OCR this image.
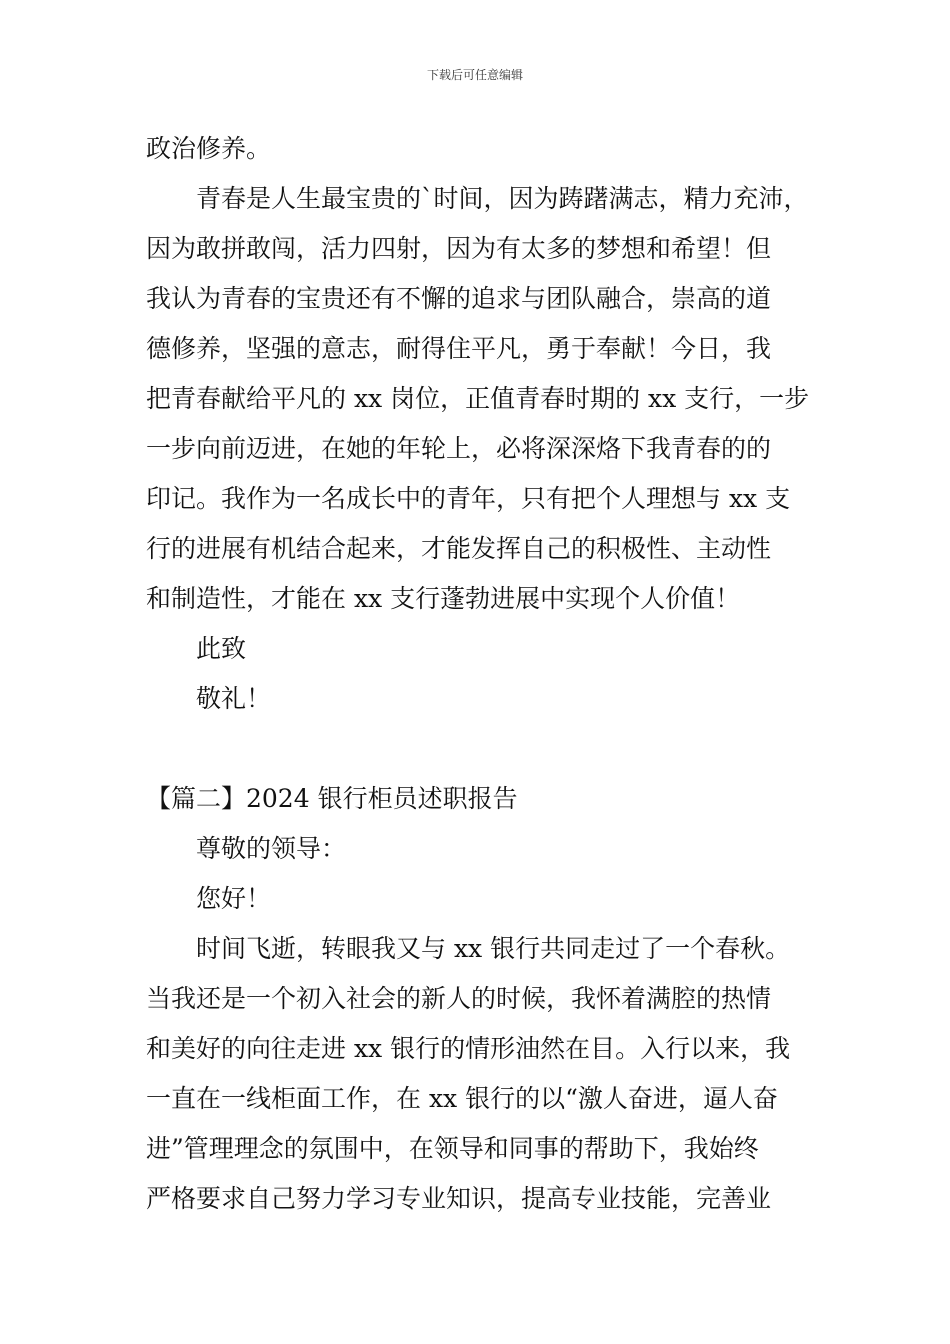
下载后可任意编辑
政治修养。
青春是人生最宝贵的`时间，因为踌躇满志，精力充沛，
因为敢拼敢闯，活力四射，因为有太多的梦想和希望！但
我认为青春的宝贵还有不懈的追求与团队融合，崇高的道
德修养，坚强的意志，耐得住平凡，勇于奉献！今日，我
把青春献给平凡的 xx 岗位，正值青春时期的 xx 支行，一步
一步向前迈进，在她的年轮上，必将深深烙下我青春的的
印记。我作为一名成长中的青年，只有把个人理想与 xx 支
行的进展有机结合起来，才能发挥自己的积极性、主动性
和制造性，才能在 xx 支行蓬勃进展中实现个人价值！
此致
敬礼！
【篇二】2024 银行柜员述职报告
尊敬的领导：
您好！
时间飞逝，转眼我又与 xx 银行共同走过了一个春秋。
当我还是一个初入社会的新人的时候，我怀着满腔的热情
和美好的向往走进 xx 银行的情形油然在目。入行以来，我
一直在一线柜面工作，在 xx 银行的以“激人奋进，逼人奋
进”管理理念的氛围中，在领导和同事的帮助下，我始终
严格要求自己努力学习专业知识，提高专业技能，完善业
